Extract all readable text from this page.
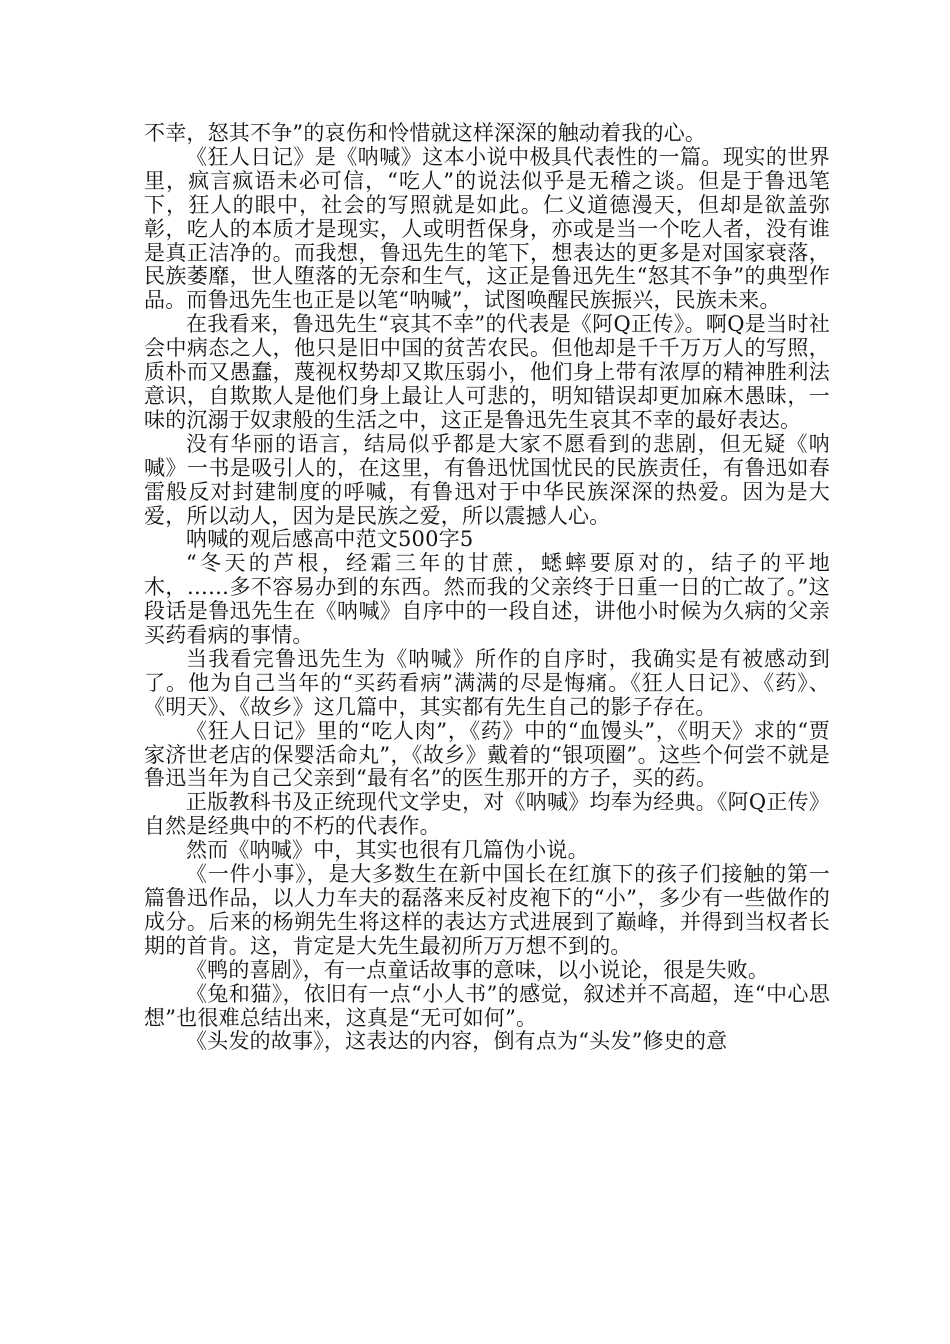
不幸，怒其不争”的哀伤和怜惜就这样深深的触动着我的心。

《狂人日记》是《呐喊》这本小说中极具代表性的一篇。现实的世界里，疯言疯语未必可信，“吃人”的说法似乎是无稽之谈。但是于鲁迅笔下，狂人的眼中，社会的写照就是如此。仁义道德漫天，但却是欲盖弥彰，吃人的本质才是现实，人或明哲保身，亦或是当一个吃人者，没有谁是真正洁净的。而我想，鲁迅先生的笔下，想表达的更多是对国家衰落，民族萎靡，世人堕落的无奈和生气，这正是鲁迅先生“怒其不争”的典型作品。而鲁迅先生也正是以笔“呐喊”，试图唤醒民族振兴，民族未来。

在我看来，鲁迅先生“哀其不幸”的代表是《阿Q正传》。啊Q是当时社会中病态之人，他只是旧中国的贫苦农民。但他却是千千万万人的写照，质朴而又愚蠢，蔑视权势却又欺压弱小，他们身上带有浓厚的精神胜利法意识，自欺欺人是他们身上最让人可悲的，明知错误却更加麻木愚昧，一味的沉溺于奴隶般的生活之中，这正是鲁迅先生哀其不幸的最好表达。

没有华丽的语言，结局似乎都是大家不愿看到的悲剧，但无疑《呐喊》一书是吸引人的，在这里，有鲁迅忧国忧民的民族责任，有鲁迅如春雷般反对封建制度的呼喊，有鲁迅对于中华民族深深的热爱。因为是大爱，所以动人，因为是民族之爱，所以震撼人心。

呐喊的观后感高中范文500字5

“冬天的芦根，经霜三年的甘蔗，蟋蟀要原对的，结子的平地木，……多不容易办到的东西。然而我的父亲终于日重一日的亡故了。”这段话是鲁迅先生在《呐喊》自序中的一段自述，讲他小时候为久病的父亲买药看病的事情。

当我看完鲁迅先生为《呐喊》所作的自序时，我确实是有被感动到了。他为自己当年的“买药看病”满满的尽是悔痛。《狂人日记》、《药》、《明天》、《故乡》这几篇中，其实都有先生自己的影子存在。

《狂人日记》里的“吃人肉”，《药》中的“血馒头”，《明天》求的“贾家济世老店的保婴活命丸”，《故乡》戴着的“银项圈”。这些个何尝不就是鲁迅当年为自己父亲到“最有名”的医生那开的方子，买的药。

正版教科书及正统现代文学史，对《呐喊》均奉为经典。《阿Q正传》自然是经典中的不朽的代表作。

然而《呐喊》中，其实也很有几篇伪小说。

《一件小事》，是大多数生在新中国长在红旗下的孩子们接触的第一篇鲁迅作品，以人力车夫的磊落来反衬皮袍下的“小”，多少有一些做作的成分。后来的杨朔先生将这样的表达方式进展到了巅峰，并得到当权者长期的首肯。这，肯定是大先生最初所万万想不到的。

《鸭的喜剧》，有一点童话故事的意味，以小说论，很是失败。

《兔和猫》，依旧有一点“小人书”的感觉，叙述并不高超，连“中心思想”也很难总结出来，这真是“无可如何”。

《头发的故事》，这表达的内容，倒有点为“头发”修史的意
